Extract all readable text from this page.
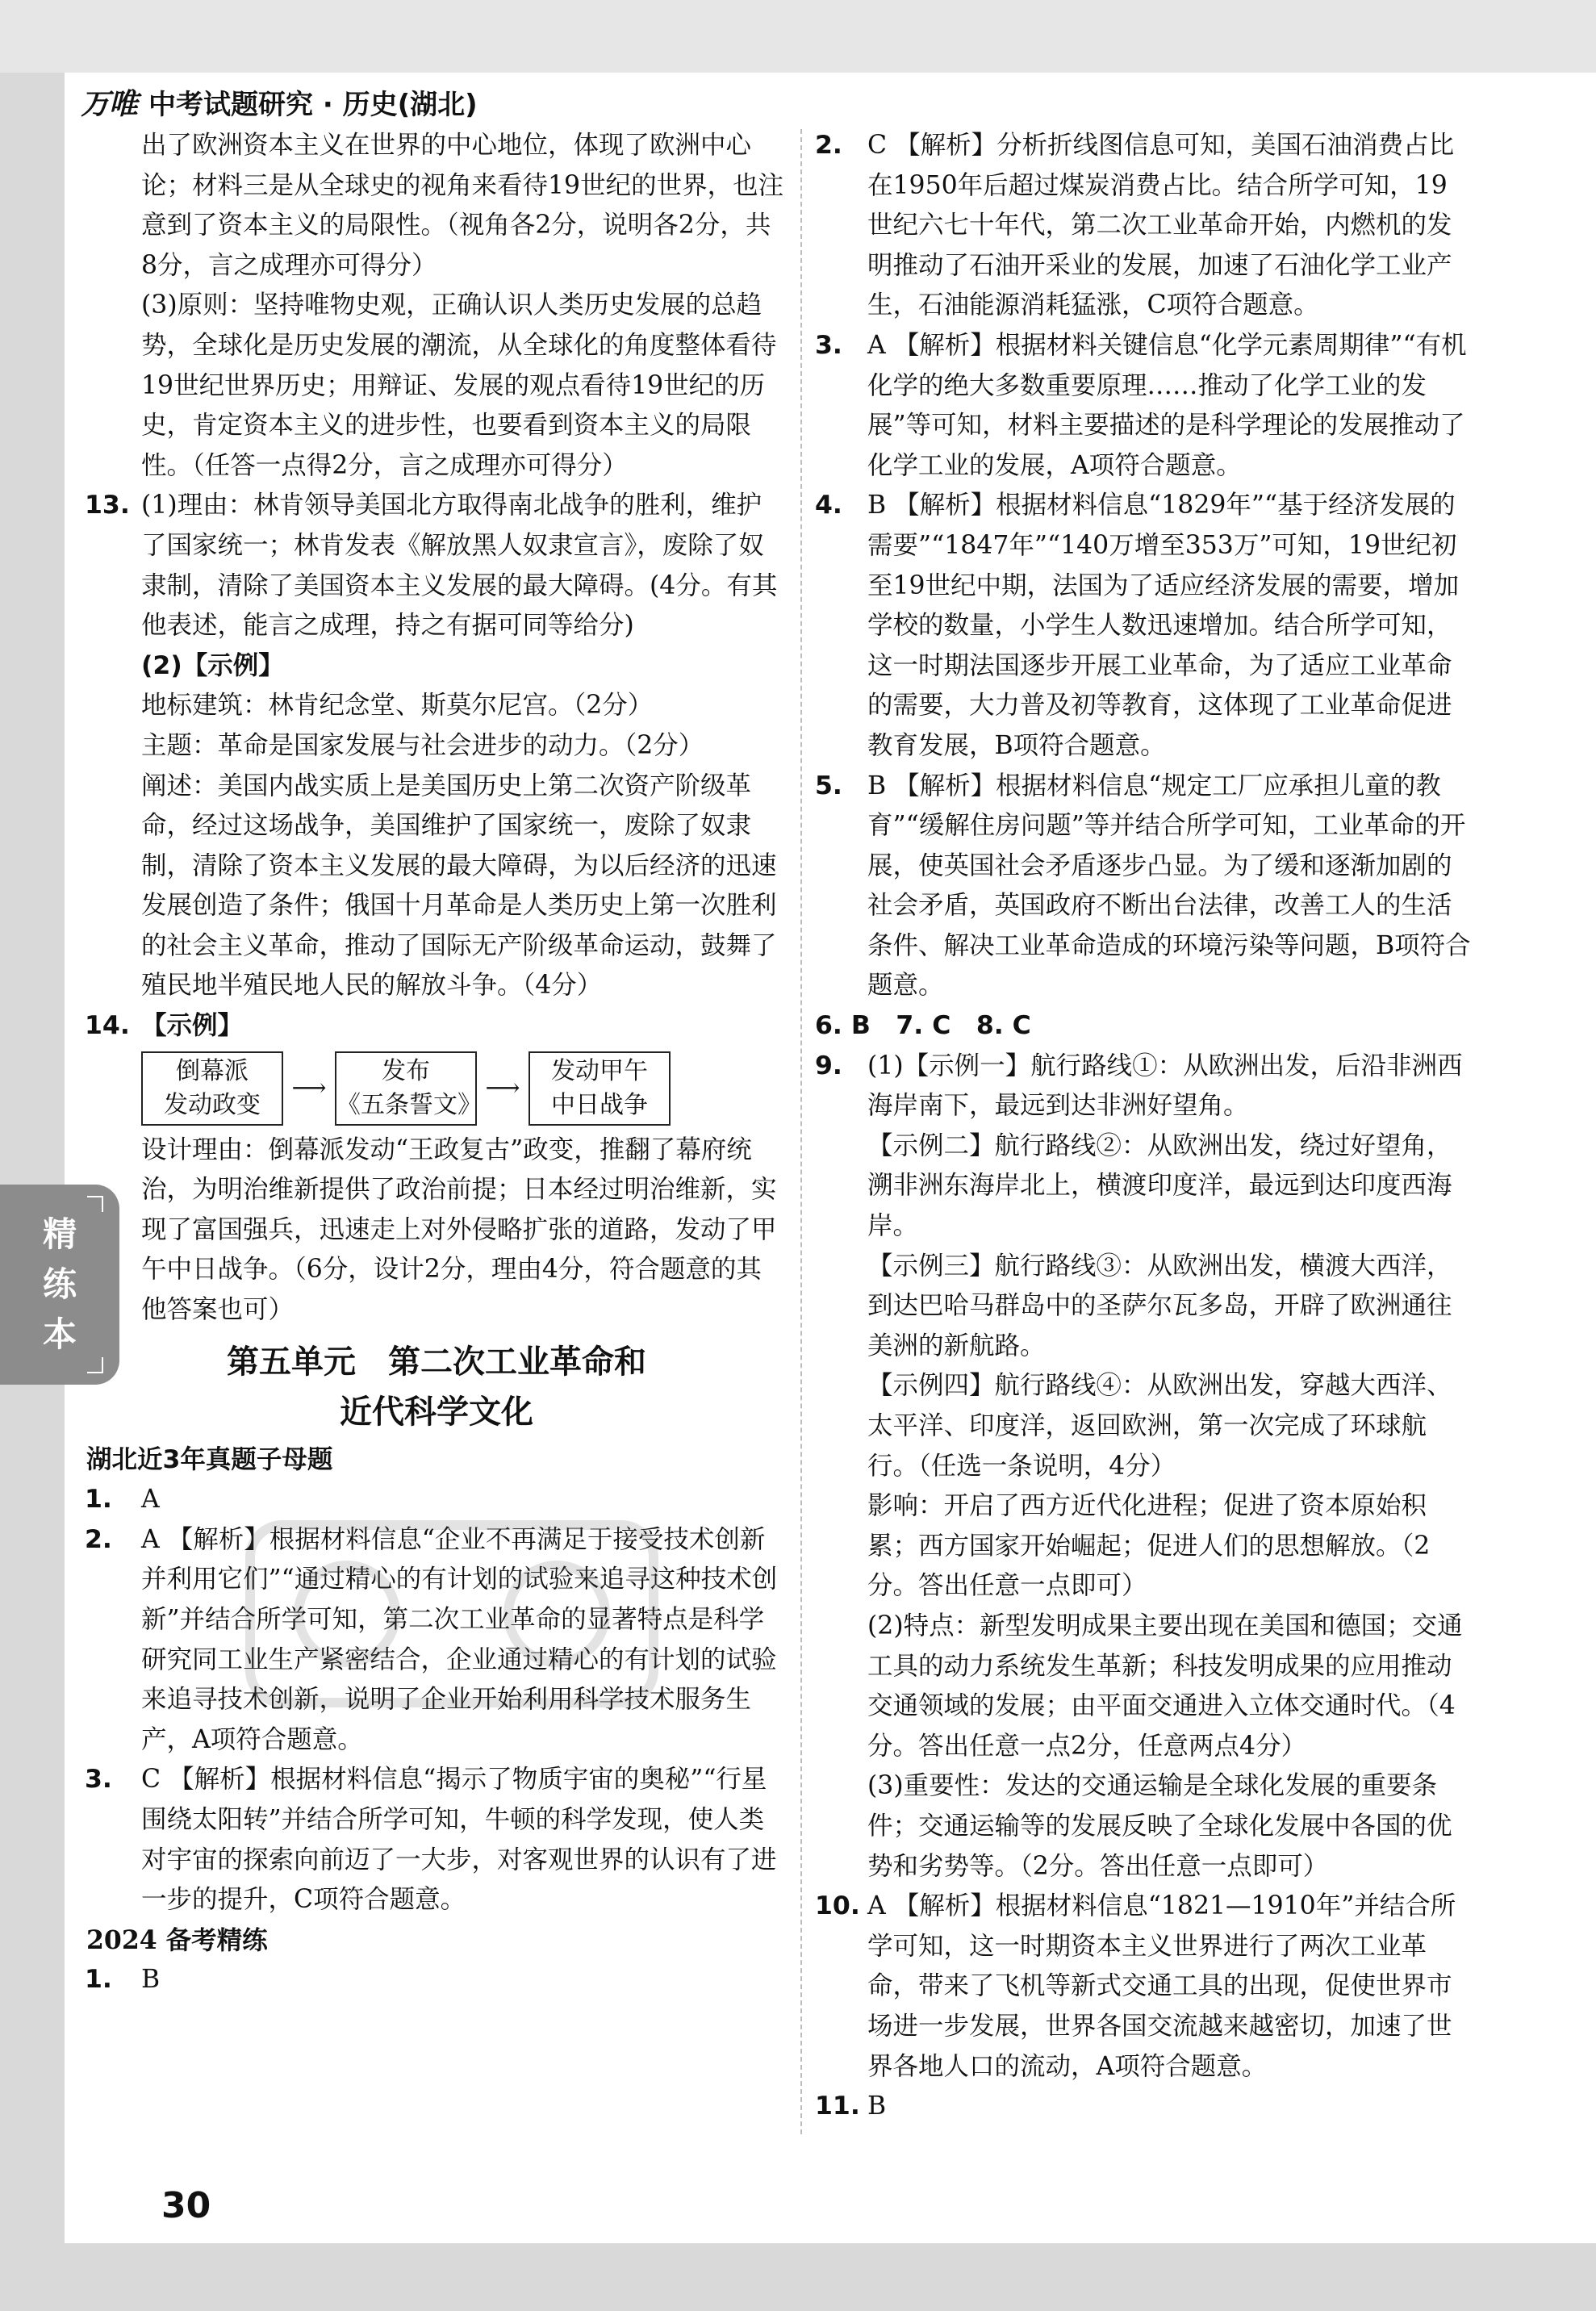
万唯 中考试题研究 · 历史(湖北)
精
练
本

出了欧洲资本主义在世界的中心地位，体现了欧洲中心论；材料三是从全球史的视角来看待19世纪的世界，也注意到了资本主义的局限性。（视角各2分，说明各2分，共8分，言之成理亦可得分）

(3)原则：坚持唯物史观，正确认识人类历史发展的总趋势，全球化是历史发展的潮流，从全球化的角度整体看待19世纪世界历史；用辩证、发展的观点看待19世纪的历史，肯定资本主义的进步性，也要看到资本主义的局限性。（任答一点得2分，言之成理亦可得分）

13. (1)理由：林肯领导美国北方取得南北战争的胜利，维护了国家统一；林肯发表《解放黑人奴隶宣言》，废除了奴隶制，清除了美国资本主义发展的最大障碍。(4分。有其他表述，能言之成理，持之有据可同等给分)
(2)【示例】地标建筑：林肯纪念堂、斯莫尔尼宫。（2分）

主题：革命是国家发展与社会进步的动力。（2分）

阐述：美国内战实质上是美国历史上第二次资产阶级革命，经过这场战争，美国维护了国家统一，废除了奴隶制，清除了资本主义发展的最大障碍，为以后经济的迅速发展创造了条件；俄国十月革命是人类历史上第一次胜利的社会主义革命，推动了国际无产阶级革命运动，鼓舞了殖民地半殖民地人民的解放斗争。（4分）

14. 【示例】
倒幕派
发动政变
⟶
发布
《五条誓文》
⟶
发动甲午
中日战争

设计理由：倒幕派发动“王政复古”政变，推翻了幕府统治，为明治维新提供了政治前提；日本经过明治维新，实现了富国强兵，迅速走上对外侵略扩张的道路，发动了甲午中日战争。（6分，设计2分，理由4分，符合题意的其他答案也可）

第五单元　第二次工业革命和
近代科学文化
湖北近3年真题子母题
1.	A
2.	A 【解析】根据材料信息“企业不再满足于接受技术创新并利用它们”“通过精心的有计划的试验来追寻这种技术创新”并结合所学可知，第二次工业革命的显著特点是科学研究同工业生产紧密结合，企业通过精心的有计划的试验来追寻技术创新，说明了企业开始利用科学技术服务生产，A项符合题意。
3.	C 【解析】根据材料信息“揭示了物质宇宙的奥秘”“行星围绕太阳转”并结合所学可知，牛顿的科学发现，使人类对宇宙的探索向前迈了一大步，对客观世界的认识有了进一步的提升，C项符合题意。
2024 备考精练
1.	B
2. C 【解析】分析折线图信息可知，美国石油消费占比在1950年后超过煤炭消费占比。结合所学可知，19世纪六七十年代，第二次工业革命开始，内燃机的发明推动了石油开采业的发展，加速了石油化学工业产生，石油能源消耗猛涨，C项符合题意。
3. A 【解析】根据材料关键信息“化学元素周期律”“有机化学的绝大多数重要原理……推动了化学工业的发展”等可知，材料主要描述的是科学理论的发展推动了化学工业的发展，A项符合题意。
4. B 【解析】根据材料信息“1829年”“基于经济发展的需要”“1847年”“140万增至353万”可知，19世纪初至19世纪中期，法国为了适应经济发展的需要，增加学校的数量，小学生人数迅速增加。结合所学可知，这一时期法国逐步开展工业革命，为了适应工业革命的需要，大力普及初等教育，这体现了工业革命促进教育发展，B项符合题意。
5. B 【解析】根据材料信息“规定工厂应承担儿童的教育”“缓解住房问题”等并结合所学可知，工业革命的开展，使英国社会矛盾逐步凸显。为了缓和逐渐加剧的社会矛盾，英国政府不断出台法律，改善工人的生活条件、解决工业革命造成的环境污染等问题，B项符合题意。
6. B　7. C　8. C
9. (1)【示例一】航行路线①：从欧洲出发，后沿非洲西海岸南下，最远到达非洲好望角。

【示例二】航行路线②：从欧洲出发，绕过好望角，溯非洲东海岸北上，横渡印度洋，最远到达印度西海岸。

【示例三】航行路线③：从欧洲出发，横渡大西洋，到达巴哈马群岛中的圣萨尔瓦多岛，开辟了欧洲通往美洲的新航路。

【示例四】航行路线④：从欧洲出发，穿越大西洋、太平洋、印度洋，返回欧洲，第一次完成了环球航行。（任选一条说明，4分）

影响：开启了西方近代化进程；促进了资本原始积累；西方国家开始崛起；促进人们的思想解放。（2分。答出任意一点即可）

(2)特点：新型发明成果主要出现在美国和德国；交通工具的动力系统发生革新；科技发明成果的应用推动交通领域的发展；由平面交通进入立体交通时代。（4分。答出任意一点2分，任意两点4分）

(3)重要性：发达的交通运输是全球化发展的重要条件；交通运输等的发展反映了全球化发展中各国的优势和劣势等。（2分。答出任意一点即可）

10. A 【解析】根据材料信息“1821—1910年”并结合所学可知，这一时期资本主义世界进行了两次工业革命，带来了飞机等新式交通工具的出现，促使世界市场进一步发展，世界各国交流越来越密切，加速了世界各地人口的流动，A项符合题意。
11. B
30
